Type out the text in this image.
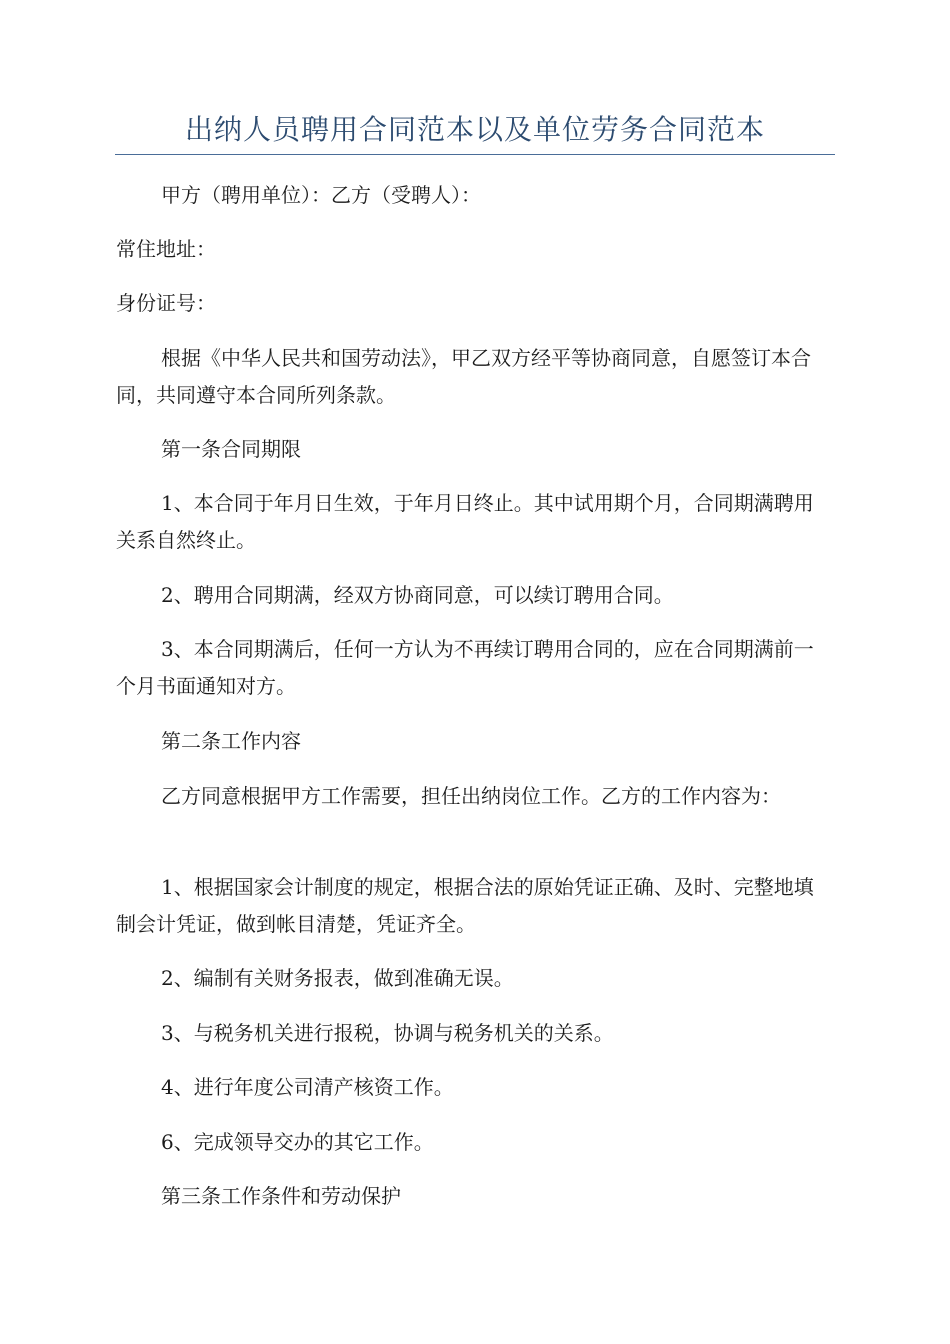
出纳人员聘用合同范本以及单位劳务合同范本

甲方（聘用单位）：乙方（受聘人）：

常住地址：

身份证号：

根据《中华人民共和国劳动法》，甲乙双方经平等协商同意，自愿签订本合同，共同遵守本合同所列条款。

第一条合同期限

1、本合同于年月日生效，于年月日终止。其中试用期个月，合同期满聘用关系自然终止。

2、聘用合同期满，经双方协商同意，可以续订聘用合同。

3、本合同期满后，任何一方认为不再续订聘用合同的，应在合同期满前一个月书面通知对方。

第二条工作内容

乙方同意根据甲方工作需要，担任出纳岗位工作。乙方的工作内容为：

1、根据国家会计制度的规定，根据合法的原始凭证正确、及时、完整地填制会计凭证，做到帐目清楚，凭证齐全。

2、编制有关财务报表，做到准确无误。

3、与税务机关进行报税，协调与税务机关的关系。

4、进行年度公司清产核资工作。

6、完成领导交办的其它工作。

第三条工作条件和劳动保护
